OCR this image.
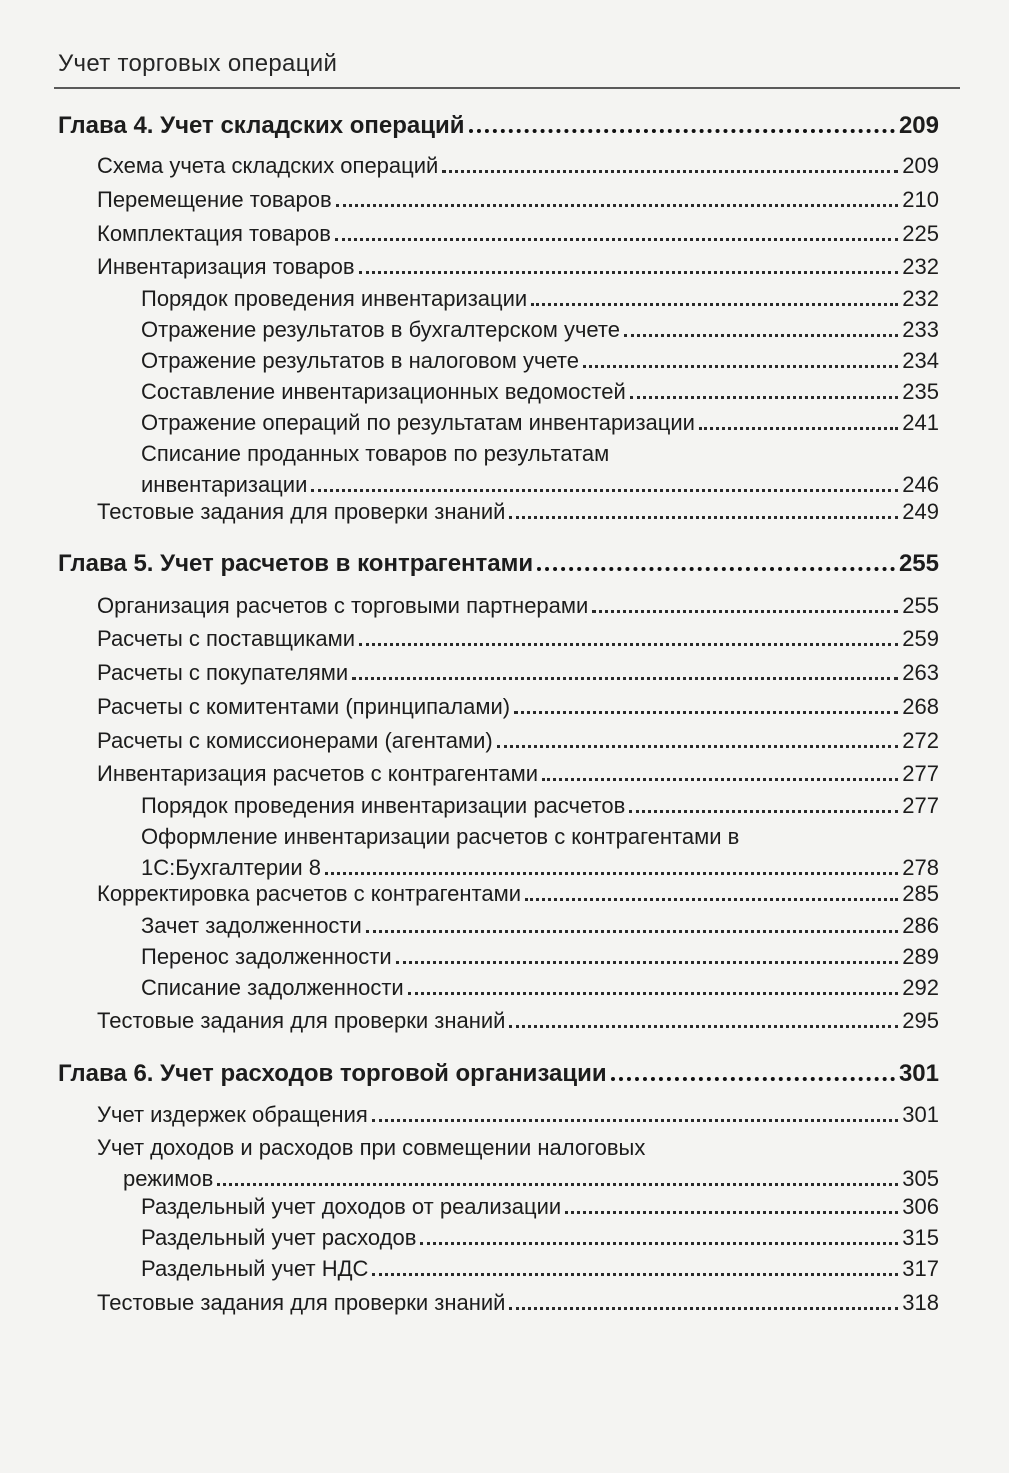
Учет торговых операций
Глава 4. Учет складских операций	209
Схема учета складских операций	209
Перемещение товаров	210
Комплектация товаров	225
Инвентаризация товаров	232
Порядок проведения инвентаризации	232
Отражение результатов в бухгалтерском учете	233
Отражение результатов в налоговом учете	234
Составление инвентаризационных ведомостей	235
Отражение операций по результатам инвентаризации	241
Списание проданных товаров по результатам
инвентаризации	246
Тестовые задания для проверки знаний	249
Глава 5. Учет расчетов в контрагентами	255
Организация расчетов с торговыми партнерами	255
Расчеты с поставщиками	259
Расчеты с покупателями	263
Расчеты с комитентами (принципалами)	268
Расчеты с комиссионерами (агентами)	272
Инвентаризация расчетов с контрагентами	277
Порядок проведения инвентаризации расчетов	277
Оформление инвентаризации расчетов с контрагентами в
1С:Бухгалтерии 8	278
Корректировка расчетов с контрагентами	285
Зачет задолженности	286
Перенос задолженности	289
Списание задолженности	292
Тестовые задания для проверки знаний	295
Глава 6. Учет расходов торговой организации	301
Учет издержек обращения	301
Учет доходов и расходов при совмещении налоговых
режимов	305
Раздельный учет доходов от реализации	306
Раздельный учет расходов	315
Раздельный учет НДС	317
Тестовые задания для проверки знаний	318
